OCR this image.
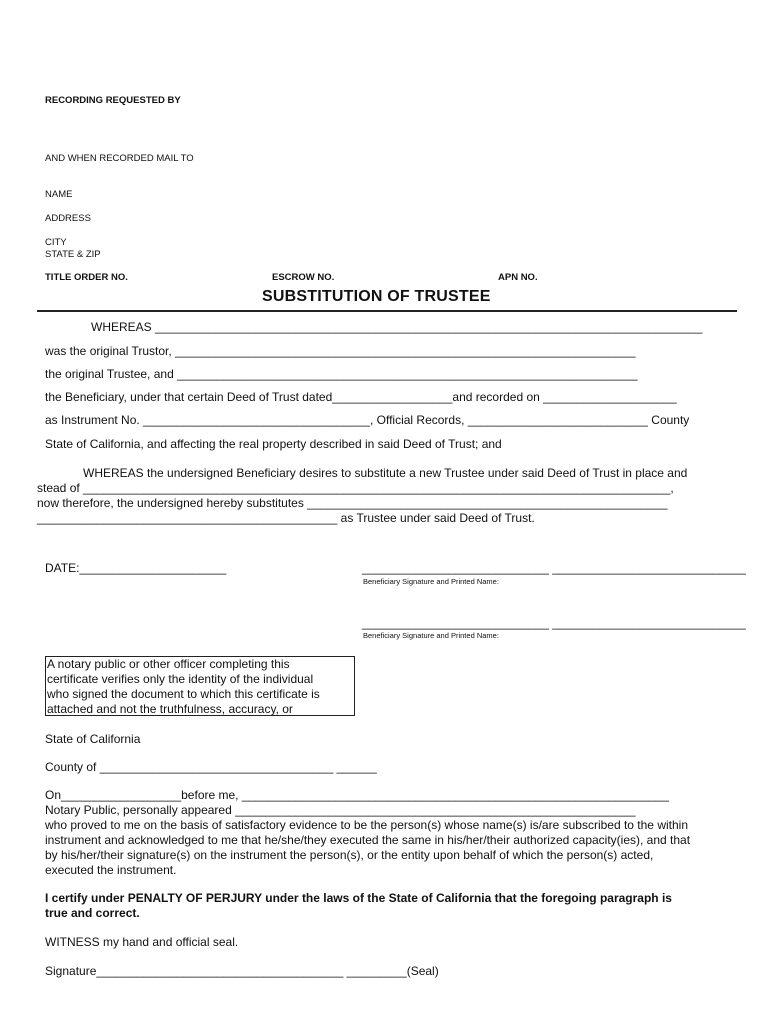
RECORDING REQUESTED BY
AND WHEN RECORDED MAIL TO
NAME
ADDRESS
CITY
STATE & ZIP
TITLE ORDER NO.	ESCROW NO.	APN NO.
SUBSTITUTION OF TRUSTEE
WHEREAS __________________________________________________________________________________
was the original Trustor, _____________________________________________________________________
the original Trustee, and _____________________________________________________________________
the Beneficiary, under that certain Deed of Trust dated__________________and recorded on ____________________
as Instrument No. __________________________________, Official Records, ___________________________ County
State of California, and affecting the real property described in said Deed of Trust; and
WHEREAS the undersigned Beneficiary desires to substitute a new Trustee under said Deed of Trust in place and
stead of ________________________________________________________________________________________,
now therefore, the undersigned hereby substitutes ______________________________________________________
_____________________________________________ as Trustee under said Deed of Trust.
DATE:______________________	____________________________ _____________________________
Beneficiary Signature and Printed Name:
____________________________ _____________________________
Beneficiary Signature and Printed Name:
A notary public or other officer completing this
certificate verifies only the identity of the individual
who signed the document to which this certificate is
attached and not the truthfulness, accuracy, or
State of California
County of ___________________________________ ______
On__________________before me, ________________________________________________________________
Notary Public, personally appeared ____________________________________________________________
who proved to me on the basis of satisfactory evidence to be the person(s) whose name(s) is/are subscribed to the within
instrument and acknowledged to me that he/she/they executed the same in his/her/their authorized capacity(ies), and that
by his/her/their signature(s) on the instrument the person(s), or the entity upon behalf of which the person(s) acted,
executed the instrument.
I certify under PENALTY OF PERJURY under the laws of the State of California that the foregoing paragraph is
true and correct.
WITNESS my hand and official seal.
Signature_____________________________________ _________(Seal)
